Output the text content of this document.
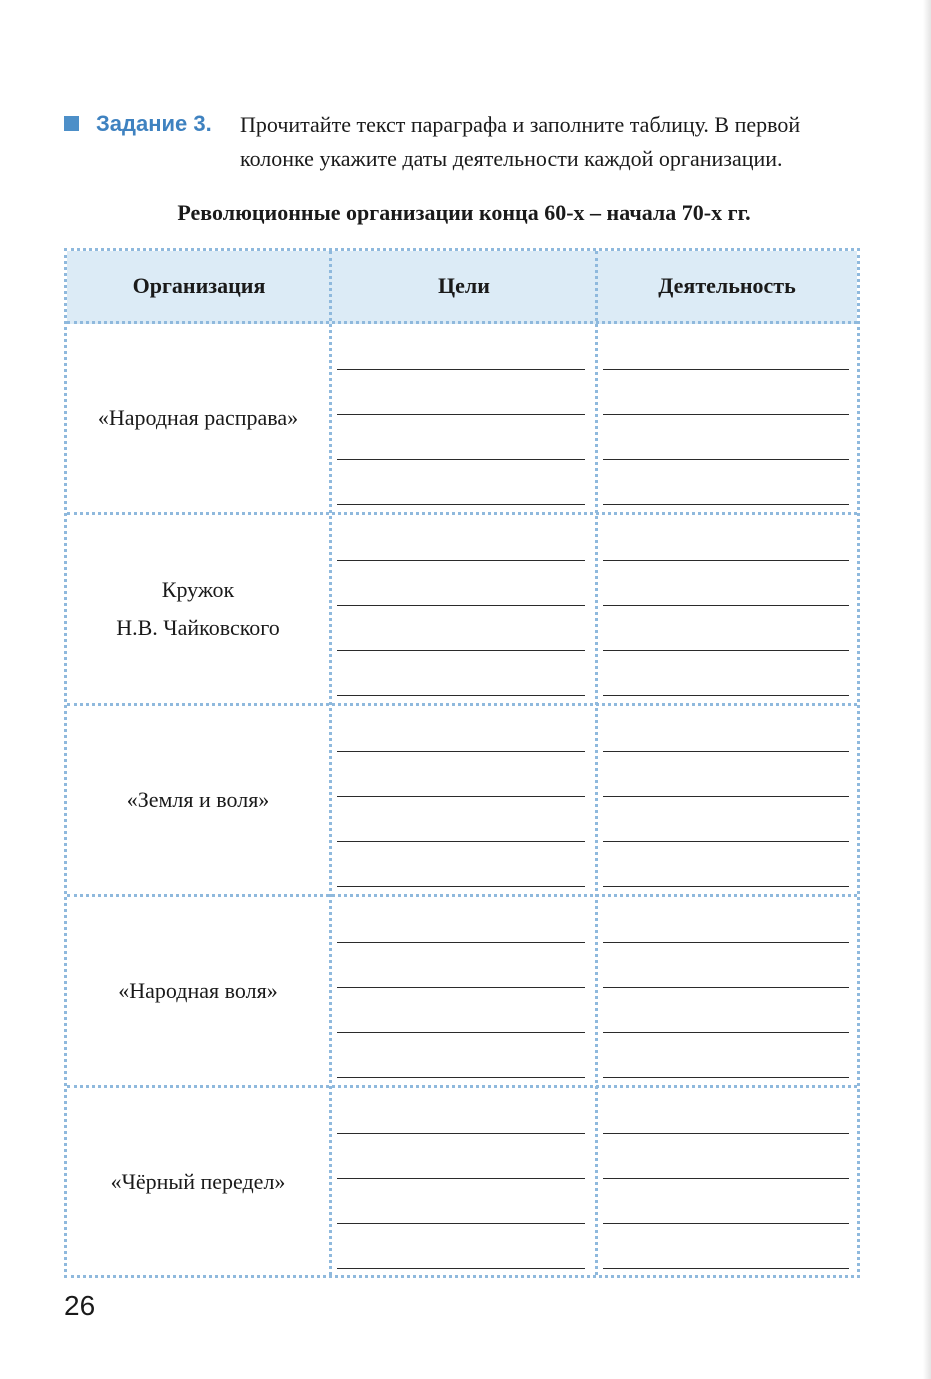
Задание 3. Прочитайте текст параграфа и заполните таблицу. В первой колонке укажите даты деятельности каждой организации.
Революционные организации конца 60-х – начала 70-х гг.
Организация	Цели	Деятельность
«Народная расправа»
Кружок
Н.В. Чайковского
«Земля и воля»
«Народная воля»
«Чёрный передел»
26
